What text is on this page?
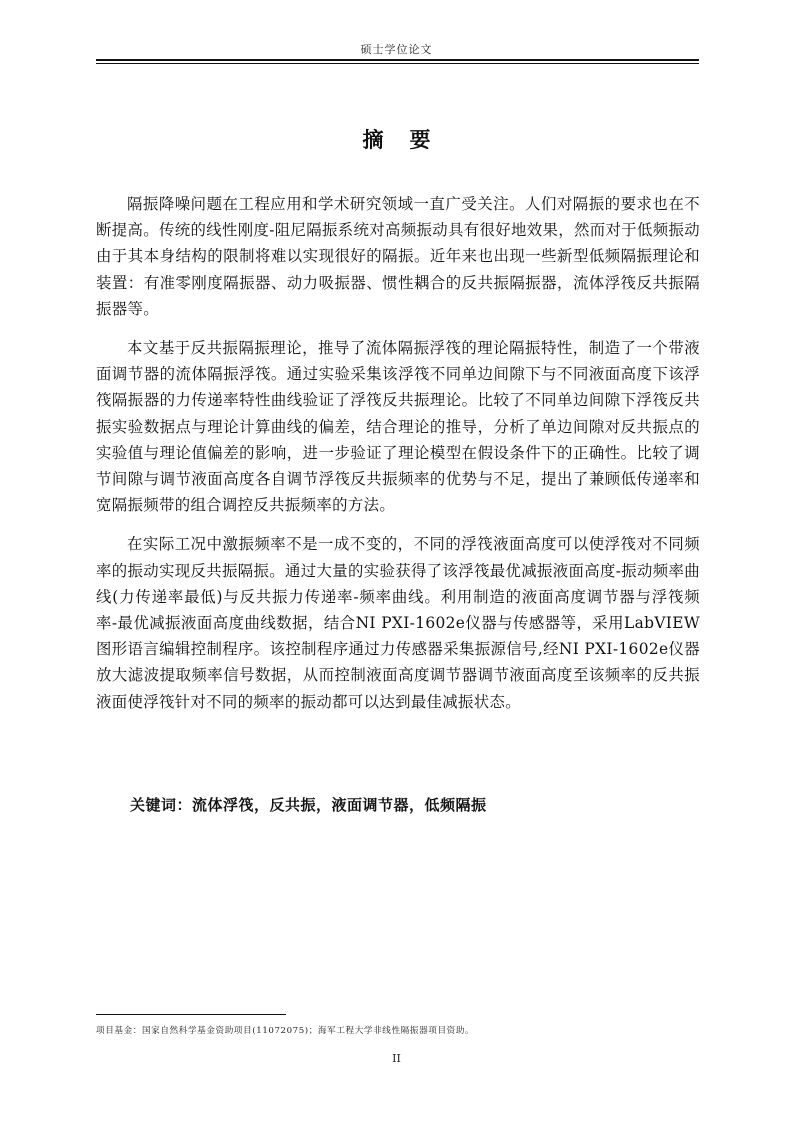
硕士学位论文
摘要

隔振降噪问题在工程应用和学术研究领域一直广受关注。人们对隔振的要求也在不断提高。传统的线性刚度-阻尼隔振系统对高频振动具有很好地效果，然而对于低频振动由于其本身结构的限制将难以实现很好的隔振。近年来也出现一些新型低频隔振理论和装置：有准零刚度隔振器、动力吸振器、惯性耦合的反共振隔振器，流体浮筏反共振隔振器等。

本文基于反共振隔振理论，推导了流体隔振浮筏的理论隔振特性，制造了一个带液面调节器的流体隔振浮筏。通过实验采集该浮筏不同单边间隙下与不同液面高度下该浮筏隔振器的力传递率特性曲线验证了浮筏反共振理论。比较了不同单边间隙下浮筏反共振实验数据点与理论计算曲线的偏差，结合理论的推导，分析了单边间隙对反共振点的实验值与理论值偏差的影响，进一步验证了理论模型在假设条件下的正确性。比较了调节间隙与调节液面高度各自调节浮筏反共振频率的优势与不足，提出了兼顾低传递率和宽隔振频带的组合调控反共振频率的方法。

在实际工况中激振频率不是一成不变的，不同的浮筏液面高度可以使浮筏对不同频率的振动实现反共振隔振。通过大量的实验获得了该浮筏最优减振液面高度-振动频率曲线(力传递率最低)与反共振力传递率-频率曲线。利用制造的液面高度调节器与浮筏频率-最优减振液面高度曲线数据，结合NI PXI-1602e仪器与传感器等，采用LabVIEW图形语言编辑控制程序。该控制程序通过力传感器采集振源信号,经NI PXI-1602e仪器放大滤波提取频率信号数据，从而控制液面高度调节器调节液面高度至该频率的反共振液面使浮筏针对不同的频率的振动都可以达到最佳减振状态。

关键词：流体浮筏，反共振，液面调节器，低频隔振
项目基金：国家自然科学基金资助项目(11072075)；海军工程大学非线性隔振器项目资助。
II
